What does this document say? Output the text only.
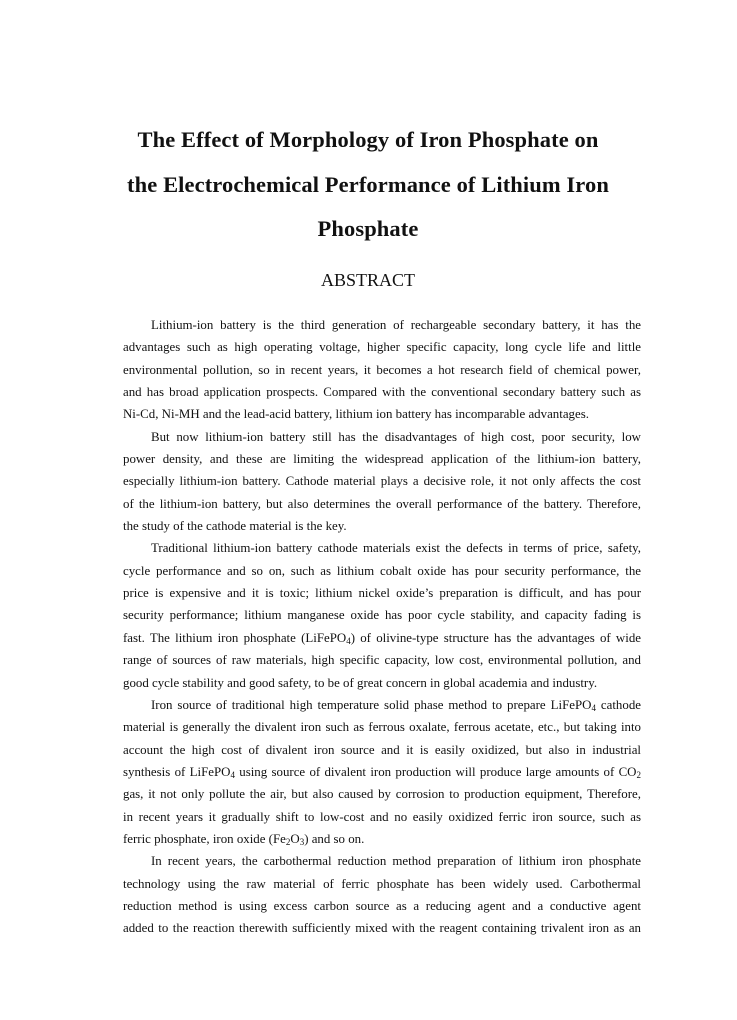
The Effect of Morphology of Iron Phosphate on
the Electrochemical Performance of Lithium Iron
Phosphate
ABSTRACT
Lithium-ion battery is the third generation of rechargeable secondary battery, it has the
advantages such as high operating voltage, higher specific capacity, long cycle life and little
environmental pollution, so in recent years, it becomes a hot research field of chemical power,
and has broad application prospects. Compared with the conventional secondary battery such as
Ni-Cd, Ni-MH and the lead-acid battery, lithium ion battery has incomparable advantages.
But now lithium-ion battery still has the disadvantages of high cost, poor security, low
power density, and these are limiting the widespread application of the lithium-ion battery,
especially lithium-ion battery. Cathode material plays a decisive role, it not only affects the cost
of the lithium-ion battery, but also determines the overall performance of the battery. Therefore,
the study of the cathode material is the key.
Traditional lithium-ion battery cathode materials exist the defects in terms of price, safety,
cycle performance and so on, such as lithium cobalt oxide has pour security performance, the
price is expensive and it is toxic; lithium nickel oxide’s preparation is difficult, and has pour
security performance; lithium manganese oxide has poor cycle stability, and capacity fading is
fast. The lithium iron phosphate (LiFePO$_4$) of olivine-type structure has the advantages of wide
range of sources of raw materials, high specific capacity, low cost, environmental pollution, and
good cycle stability and good safety, to be of great concern in global academia and industry.
Iron source of traditional high temperature solid phase method to prepare LiFePO$_4$ cathode
material is generally the divalent iron such as ferrous oxalate, ferrous acetate, etc., but taking into
account the high cost of divalent iron source and it is easily oxidized, but also in industrial
synthesis of LiFePO$_4$ using source of divalent iron production will produce large amounts of $CO_2$
gas, it not only pollute the air, but also caused by corrosion to production equipment, Therefore,
in recent years it gradually shift to low-cost and no easily oxidized ferric iron source, such as
ferric phosphate, iron oxide $(Fe_2O_3)$ and so on.
In recent years, the carbothermal reduction method preparation of lithium iron phosphate
technology using the raw material of ferric phosphate has been widely used. Carbothermal
reduction method is using excess carbon source as a reducing agent and a conductive agent
added to the reaction therewith sufficiently mixed with the reagent containing trivalent iron as an
